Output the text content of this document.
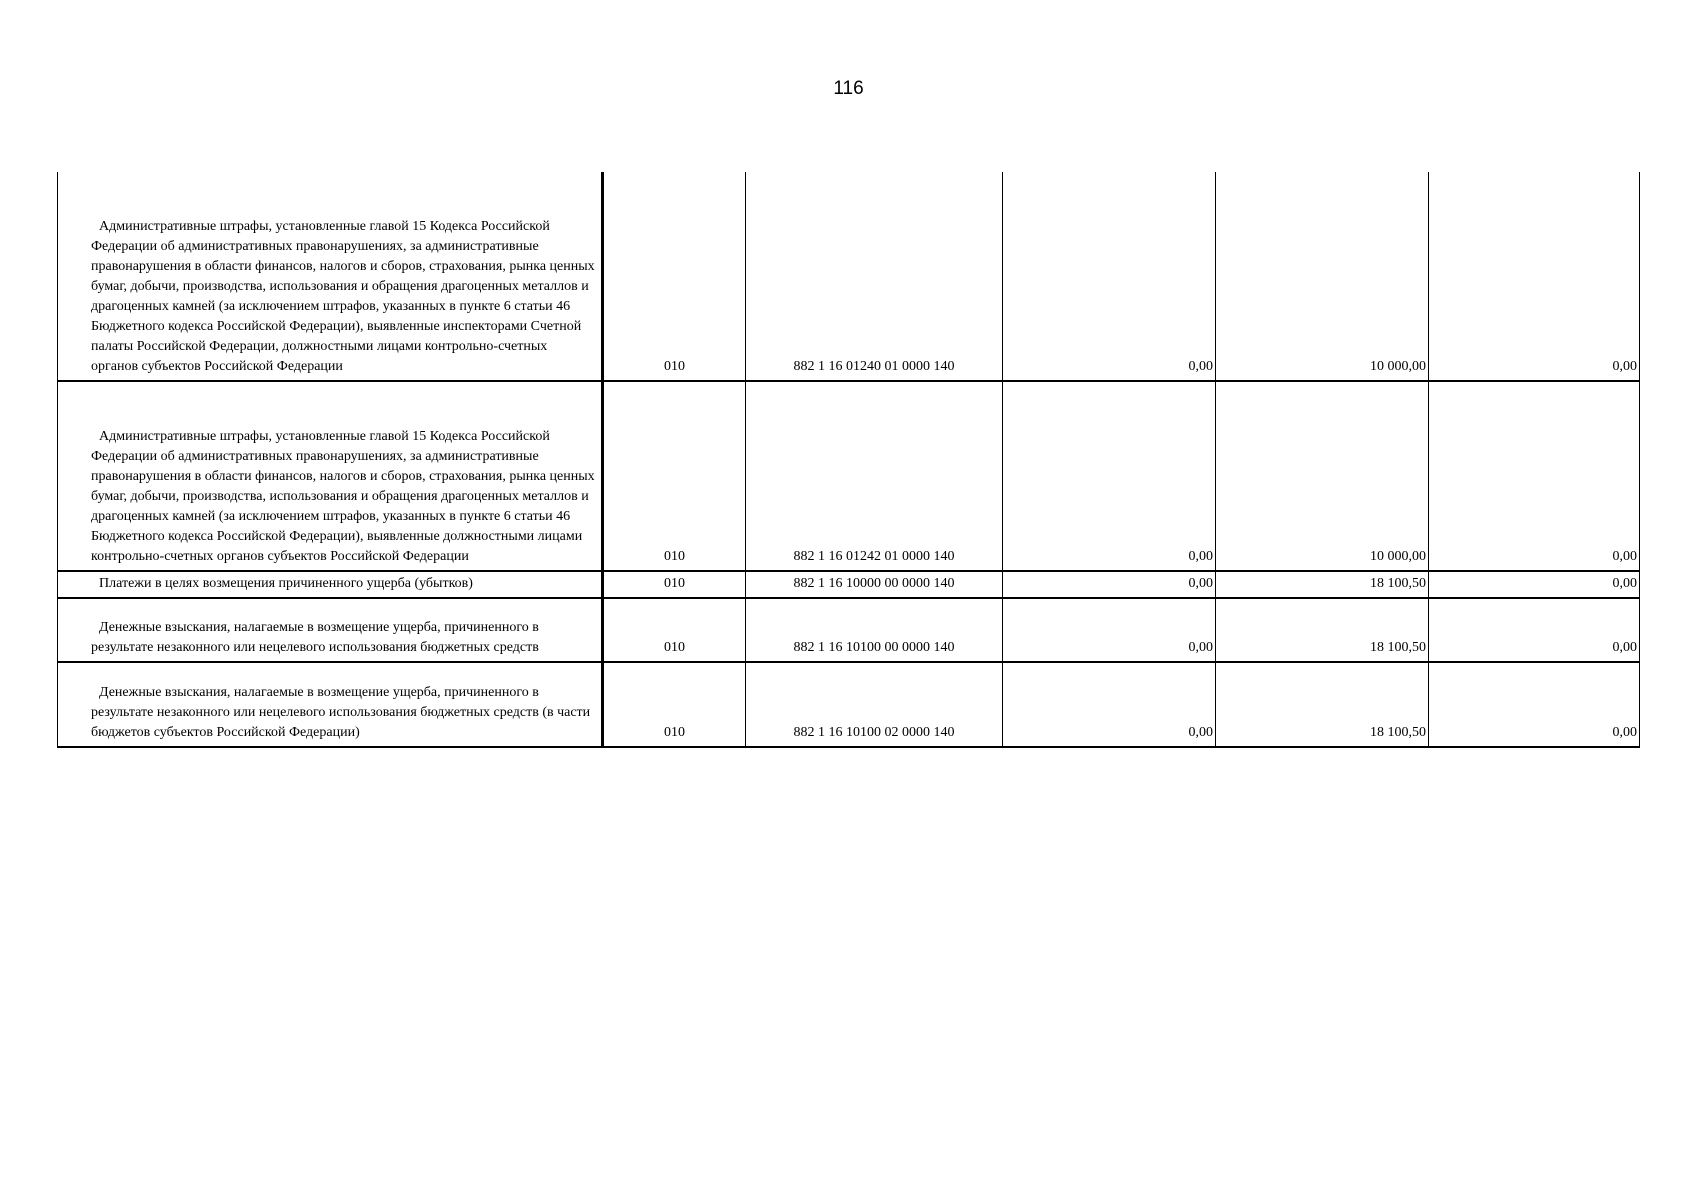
116
Административные штрафы, установленные главой 15 Кодекса Российской Федерации об административных правонарушениях, за административные правонарушения в области финансов, налогов и сборов, страхования, рынка ценных бумаг, добычи, производства, использования и обращения драгоценных металлов и драгоценных камней (за исключением штрафов, указанных в пункте 6 статьи 46 Бюджетного кодекса Российской Федерации), выявленные инспекторами Счетной палаты Российской Федерации, должностными лицами контрольно-счетных органов субъектов Российской Федерации	010	882 1 16 01240 01 0000 140	0,00	10 000,00	0,00
Административные штрафы, установленные главой 15 Кодекса Российской Федерации об административных правонарушениях, за административные правонарушения в области финансов, налогов и сборов, страхования, рынка ценных бумаг, добычи, производства, использования и обращения драгоценных металлов и драгоценных камней (за исключением штрафов, указанных в пункте 6 статьи 46 Бюджетного кодекса Российской Федерации), выявленные должностными лицами контрольно-счетных органов субъектов Российской Федерации	010	882 1 16 01242 01 0000 140	0,00	10 000,00	0,00
Платежи в целях возмещения причиненного ущерба (убытков)	010	882 1 16 10000 00 0000 140	0,00	18 100,50	0,00
Денежные взыскания, налагаемые в возмещение ущерба, причиненного в результате незаконного или нецелевого использования бюджетных средств	010	882 1 16 10100 00 0000 140	0,00	18 100,50	0,00
Денежные взыскания, налагаемые в возмещение ущерба, причиненного в результате незаконного или нецелевого использования бюджетных средств (в части бюджетов субъектов Российской Федерации)	010	882 1 16 10100 02 0000 140	0,00	18 100,50	0,00
